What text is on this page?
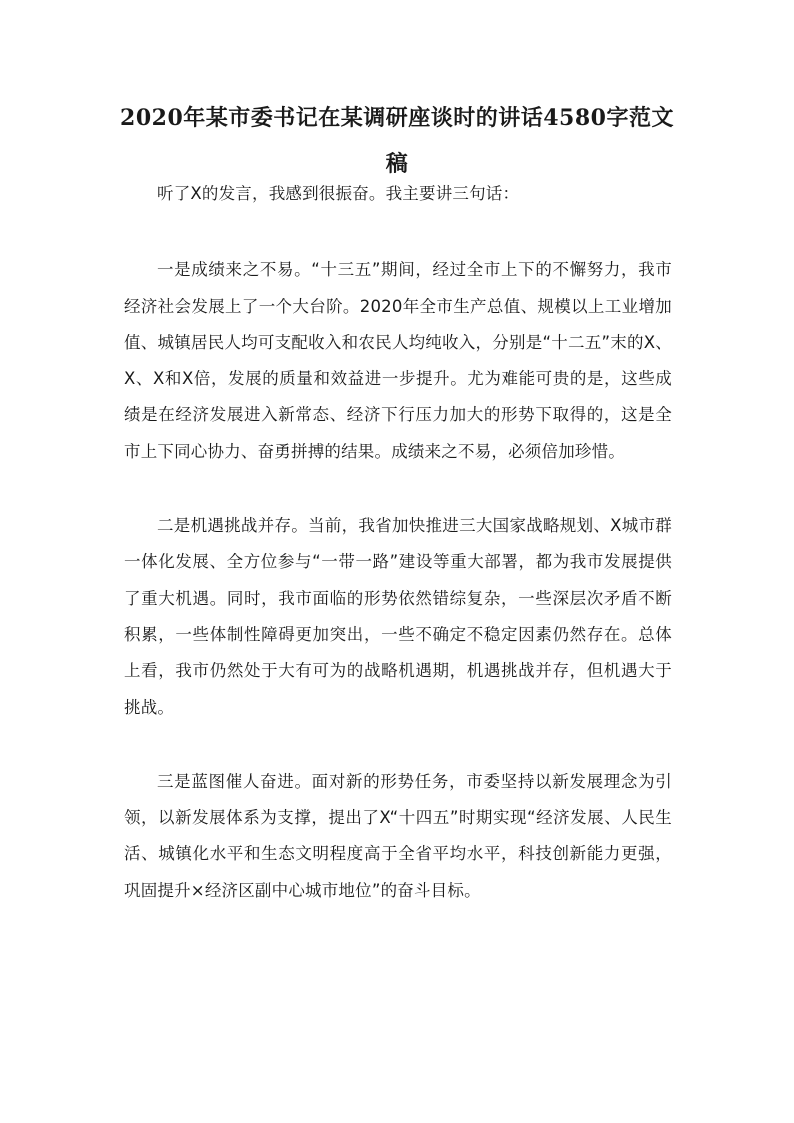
2020年某市委书记在某调研座谈时的讲话4580字范文稿

听了X的发言，我感到很振奋。我主要讲三句话：

一是成绩来之不易。“十三五”期间，经过全市上下的不懈努力，我市经济社会发展上了一个大台阶。2020年全市生产总值、规模以上工业增加值、城镇居民人均可支配收入和农民人均纯收入，分别是“十二五”末的X、X、X和X倍，发展的质量和效益进一步提升。尤为难能可贵的是，这些成绩是在经济发展进入新常态、经济下行压力加大的形势下取得的，这是全市上下同心协力、奋勇拼搏的结果。成绩来之不易，必须倍加珍惜。

二是机遇挑战并存。当前，我省加快推进三大国家战略规划、X城市群一体化发展、全方位参与“一带一路”建设等重大部署，都为我市发展提供了重大机遇。同时，我市面临的形势依然错综复杂，一些深层次矛盾不断积累，一些体制性障碍更加突出，一些不确定不稳定因素仍然存在。总体上看，我市仍然处于大有可为的战略机遇期，机遇挑战并存，但机遇大于挑战。

三是蓝图催人奋进。面对新的形势任务，市委坚持以新发展理念为引领，以新发展体系为支撑，提出了X“十四五”时期实现“经济发展、人民生活、城镇化水平和生态文明程度高于全省平均水平，科技创新能力更强，巩固提升×经济区副中心城市地位”的奋斗目标。
